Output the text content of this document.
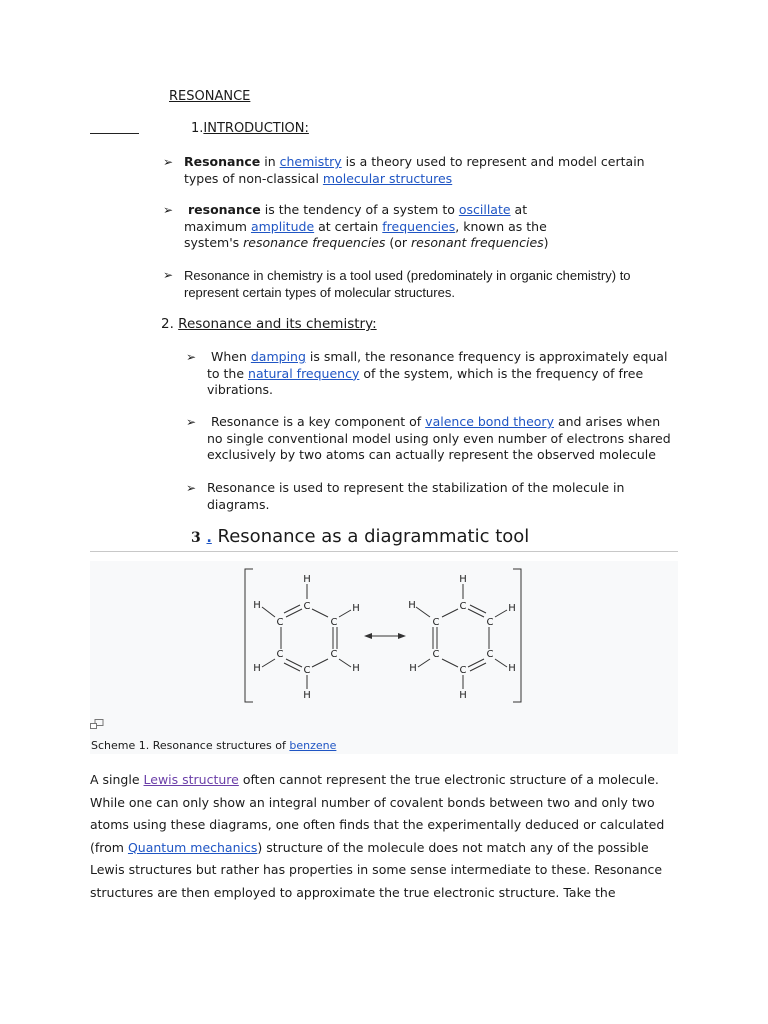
RESONANCE
1.INTRODUCTION:
➢ Resonance in chemistry is a theory used to represent and model certain types of non-classical molecular structures
➢ resonance is the tendency of a system to oscillate at maximum amplitude at certain frequencies, known as the system's resonance frequencies (or resonant frequencies)
➢ Resonance in chemistry is a tool used (predominately in organic chemistry) to represent certain types of molecular structures.
2. Resonance and its chemistry:
➢ When damping is small, the resonance frequency is approximately equal to the natural frequency of the system, which is the frequency of free vibrations.
➢ Resonance is a key component of valence bond theory and arises when no single conventional model using only even number of electrons shared exclusively by two atoms can actually represent the observed molecule
➢ Resonance is used to represent the stabilization of the molecule in diagrams.
3 . Resonance as a diagrammatic tool
H
C
C	C
C	C
C
H
H	H
H	H
H
C
C	C
C	C
C
H
H	H
H	H
Scheme 1. Resonance structures of benzene
A single Lewis structure often cannot represent the true electronic structure of a molecule. While one can only show an integral number of covalent bonds between two and only two atoms using these diagrams, one often finds that the experimentally deduced or calculated (from Quantum mechanics) structure of the molecule does not match any of the possible Lewis structures but rather has properties in some sense intermediate to these. Resonance structures are then employed to approximate the true electronic structure. Take the
